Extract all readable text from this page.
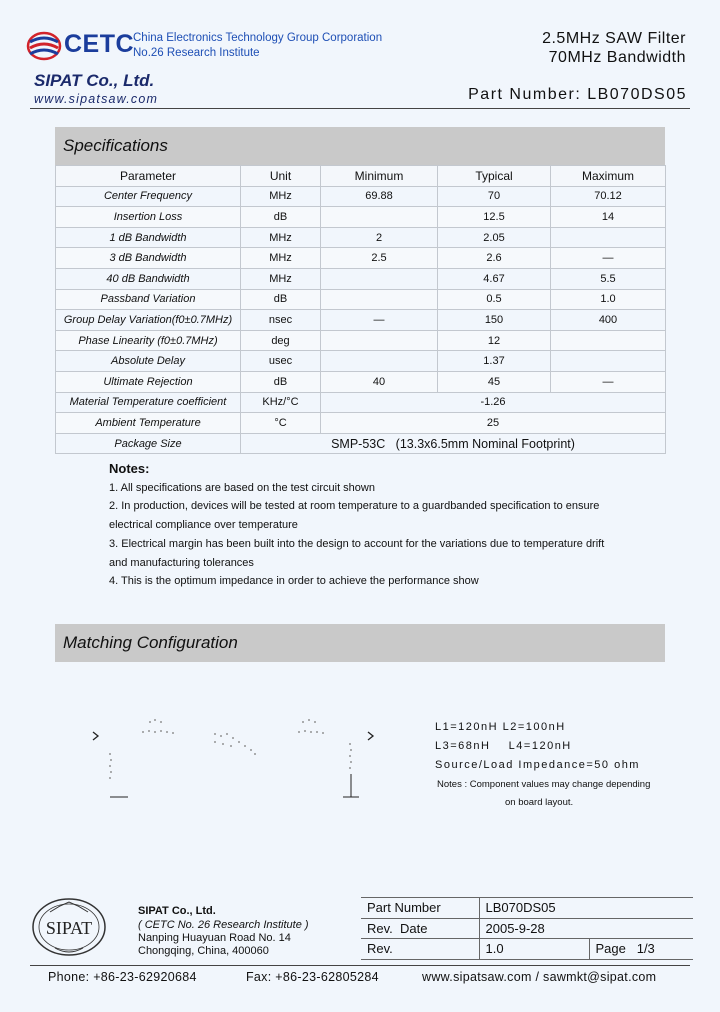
CETC
China Electronics Technology Group Corporation
No.26 Research Institute
2.5MHz SAW Filter
70MHz Bandwidth
SIPAT Co., Ltd.
www.sipatsaw.com	Part Number: LB070DS05
Specifications
Parameter	Unit	Minimum	Typical	Maximum
Center Frequency	MHz	69.88	70	70.12
Insertion Loss	dB		12.5	14
1 dB Bandwidth	MHz	2	2.05	
3 dB Bandwidth	MHz	2.5	2.6	—
40 dB Bandwidth	MHz		4.67	5.5
Passband Variation	dB		0.5	1.0
Group Delay Variation(f0±0.7MHz)	nsec	—	150	400
Phase Linearity (f0±0.7MHz)	deg		12	
Absolute Delay	usec		1.37	
Ultimate Rejection	dB	40	45	—
Material Temperature coefficient	KHz/°C	-1.26		
Ambient Temperature	°C	25		
Package Size	SMP-53C   (13.3x6.5mm Nominal Footprint)			
Notes:
1. All specifications are based on the test circuit shown
2. In production, devices will be tested at room temperature to a guardbanded specification to ensure
electrical compliance over temperature
3. Electrical margin has been built into the design to account for the variations due to temperature drift
and manufacturing tolerances
4. This is the optimum impedance in order to achieve the performance show
Matching Configuration
L1=120nH L2=100nH
L3=68nH    L4=120nH
Source/Load Impedance=50 ohm
Notes : Component values may change depending
on board layout.
SIPAT
SIPAT Co., Ltd.
( CETC No. 26 Research Institute )
Nanping Huayuan Road No. 14
Chongqing, China, 400060
Part Number	LB070DS05	
Rev.  Date	2005-9-28	
Rev.	1.0	Page 1/3
Phone: +86-23-62920684	Fax: +86-23-62805284	www.sipatsaw.com / sawmkt@sipat.com
